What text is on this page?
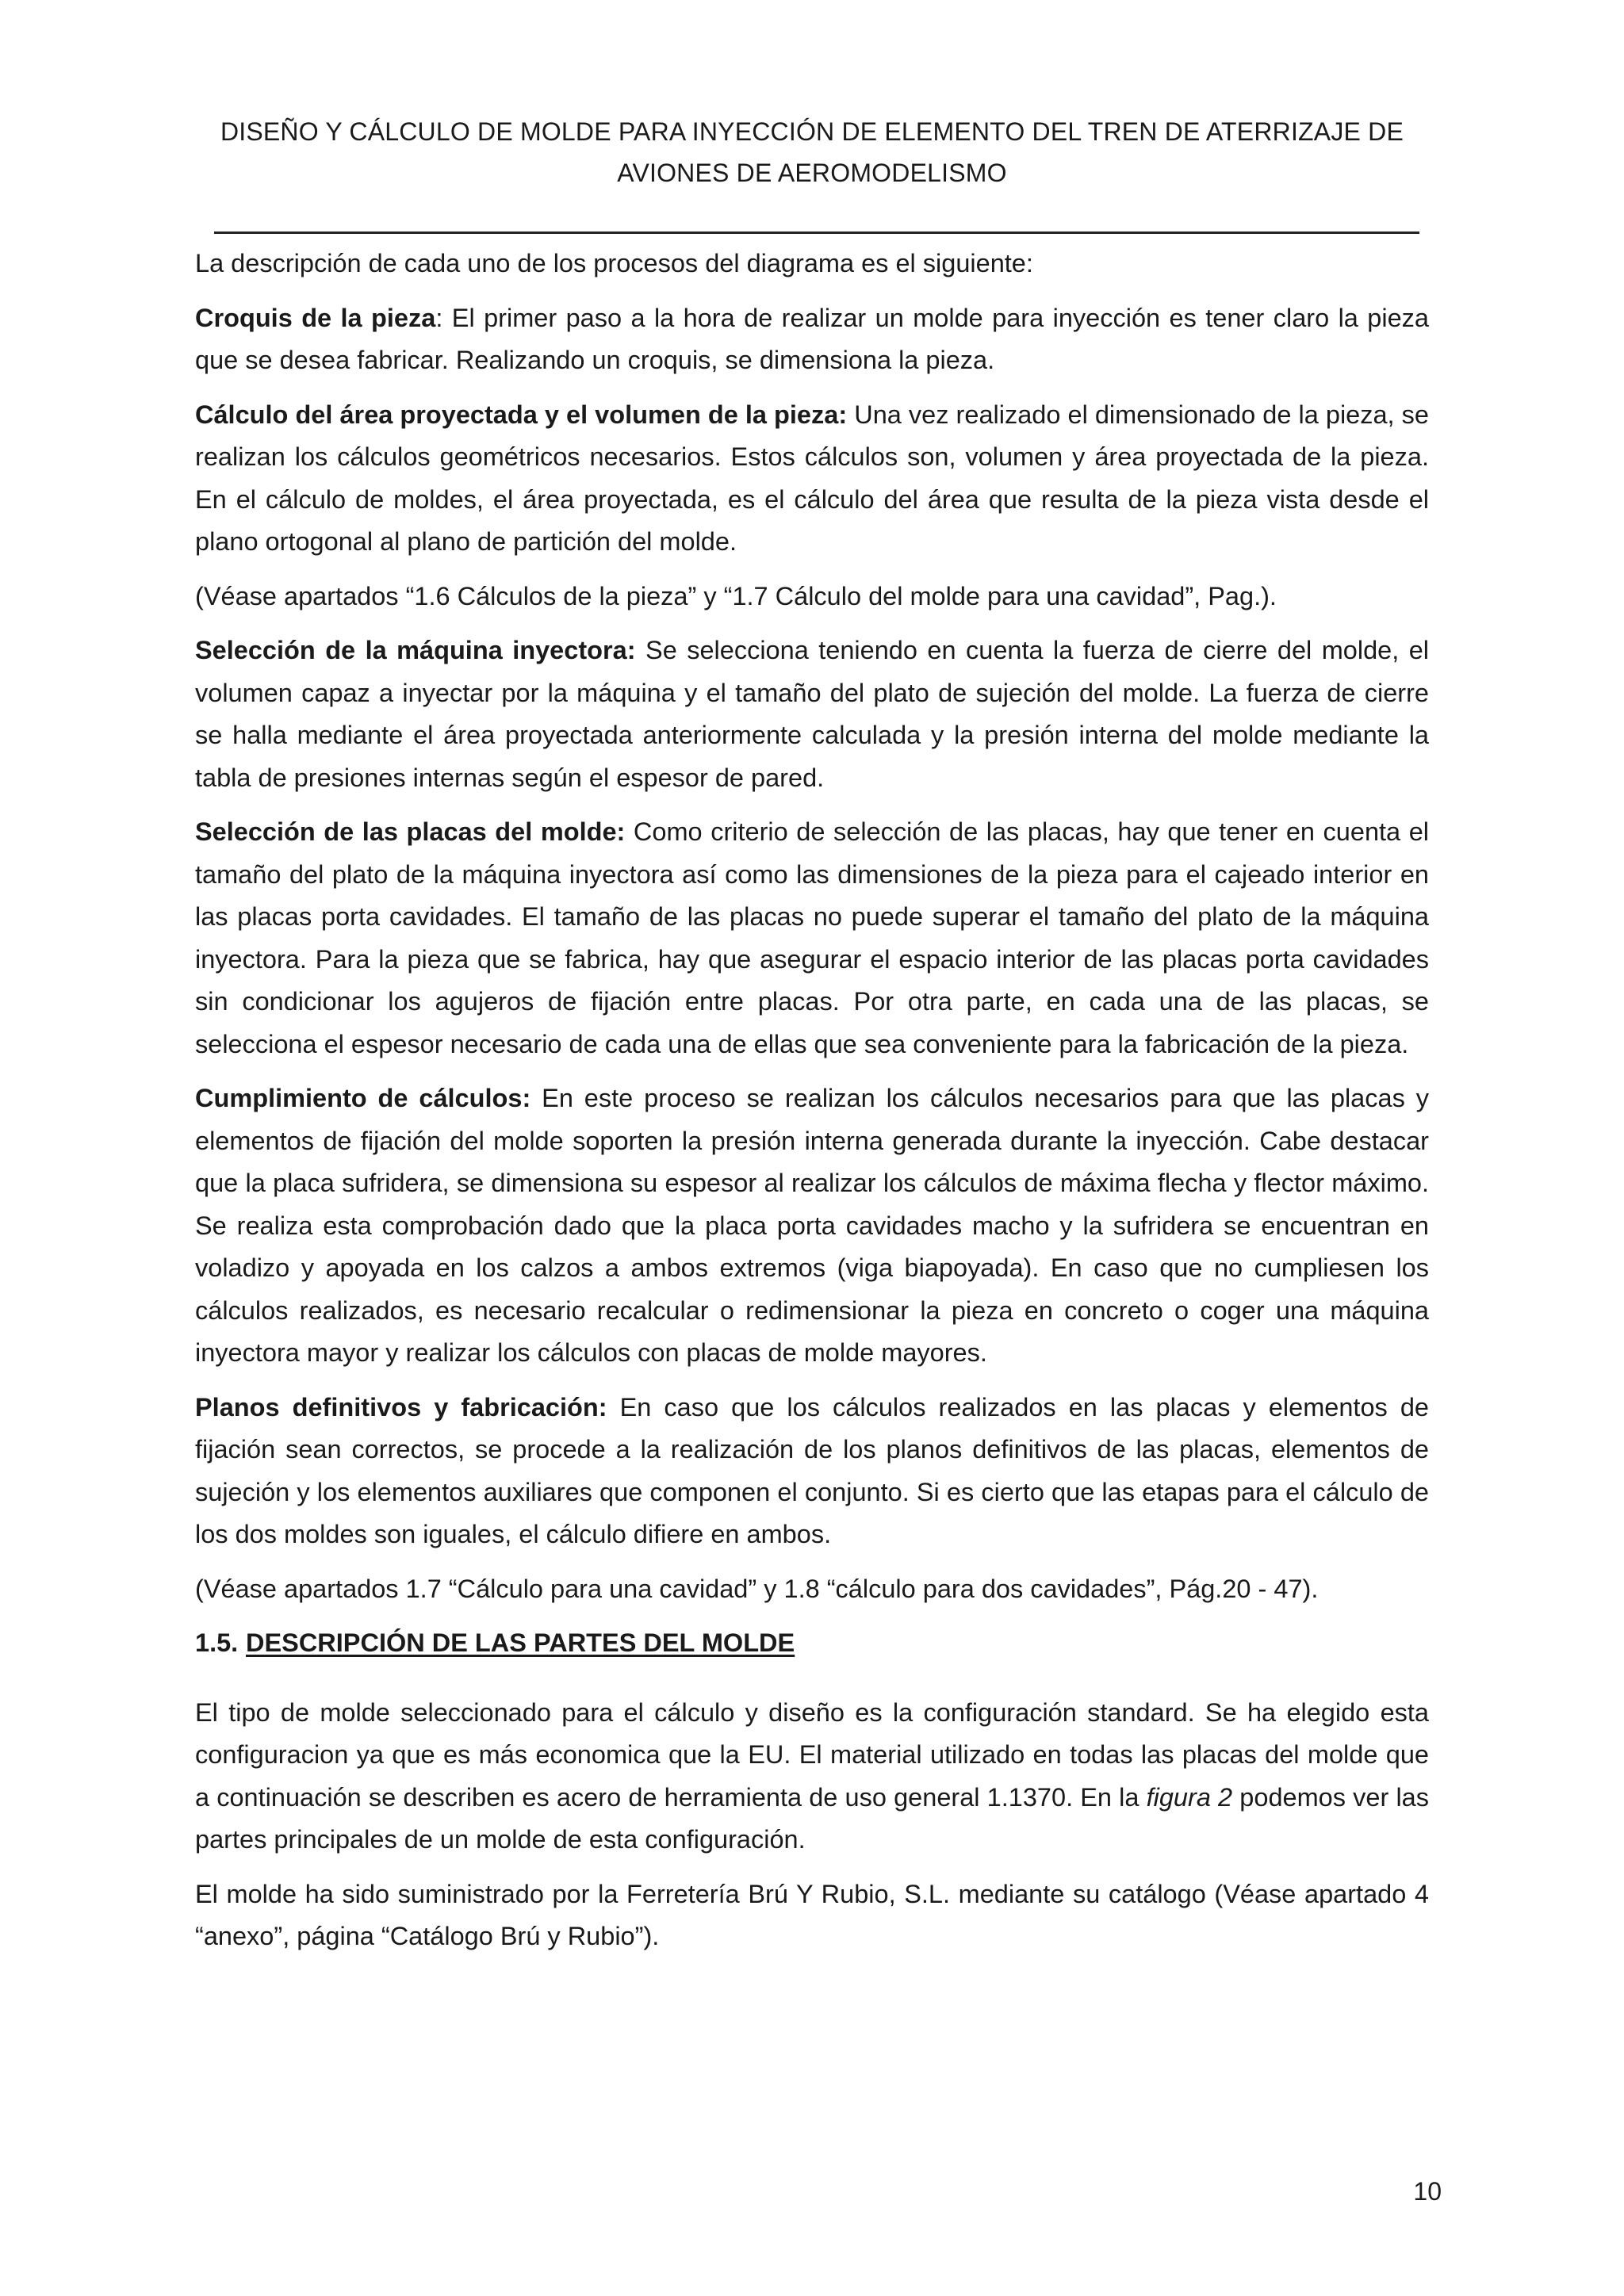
DISEÑO Y CÁLCULO DE MOLDE PARA INYECCIÓN DE ELEMENTO DEL TREN DE ATERRIZAJE DE
AVIONES DE AEROMODELISMO

La descripción de cada uno de los procesos del diagrama es el siguiente:

Croquis de la pieza: El primer paso a la hora de realizar un molde para inyección es tener claro la pieza que se desea fabricar. Realizando un croquis, se dimensiona la pieza.

Cálculo del área proyectada y el volumen de la pieza: Una vez realizado el dimensionado de la pieza, se realizan los cálculos geométricos necesarios. Estos cálculos son, volumen y área proyectada de la pieza. En el cálculo de moldes, el área proyectada, es el cálculo del área que resulta de la pieza vista desde el plano ortogonal al plano de partición del molde.

(Véase apartados “1.6 Cálculos de la pieza” y “1.7 Cálculo del molde para una cavidad”, Pag.).

Selección de la máquina inyectora: Se selecciona teniendo en cuenta la fuerza de cierre del molde, el volumen capaz a inyectar por la máquina y el tamaño del plato de sujeción del molde. La fuerza de cierre se halla mediante el área proyectada anteriormente calculada y la presión interna del molde mediante la tabla de presiones internas según el espesor de pared.

Selección de las placas del molde: Como criterio de selección de las placas, hay que tener en cuenta el tamaño del plato de la máquina inyectora así como las dimensiones de la pieza para el cajeado interior en las placas porta cavidades. El tamaño de las placas no puede superar el tamaño del plato de la máquina inyectora. Para la pieza que se fabrica, hay que asegurar el espacio interior de las placas porta cavidades sin condicionar los agujeros de fijación entre placas. Por otra parte, en cada una de las placas, se selecciona el espesor necesario de cada una de ellas que sea conveniente para la fabricación de la pieza.

Cumplimiento de cálculos: En este proceso se realizan los cálculos necesarios para que las placas y elementos de fijación del molde soporten la presión interna generada durante la inyección. Cabe destacar que la placa sufridera, se dimensiona su espesor al realizar los cálculos de máxima flecha y flector máximo. Se realiza esta comprobación dado que la placa porta cavidades macho y la sufridera se encuentran en voladizo y apoyada en los calzos a ambos extremos (viga biapoyada). En caso que no cumpliesen los cálculos realizados, es necesario recalcular o redimensionar la pieza en concreto o coger una máquina inyectora mayor y realizar los cálculos con placas de molde mayores.

Planos definitivos y fabricación: En caso que los cálculos realizados en las placas y elementos de fijación sean correctos, se procede a la realización de los planos definitivos de las placas, elementos de sujeción y los elementos auxiliares que componen el conjunto. Si es cierto que las etapas para el cálculo de los dos moldes son iguales, el cálculo difiere en ambos.

(Véase apartados 1.7 “Cálculo para una cavidad” y 1.8 “cálculo para dos cavidades”, Pág.20 - 47).

1.5. DESCRIPCIÓN DE LAS PARTES DEL MOLDE

El tipo de molde seleccionado para el cálculo y diseño es la configuración standard. Se ha elegido esta configuracion ya que es más economica que la EU. El material utilizado en todas las placas del molde que a continuación se describen es acero de herramienta de uso general 1.1370. En la figura 2 podemos ver las partes principales de un molde de esta configuración.

El molde ha sido suministrado por la Ferretería Brú Y Rubio, S.L. mediante su catálogo (Véase apartado 4 “anexo”, página “Catálogo Brú y Rubio”).

10
